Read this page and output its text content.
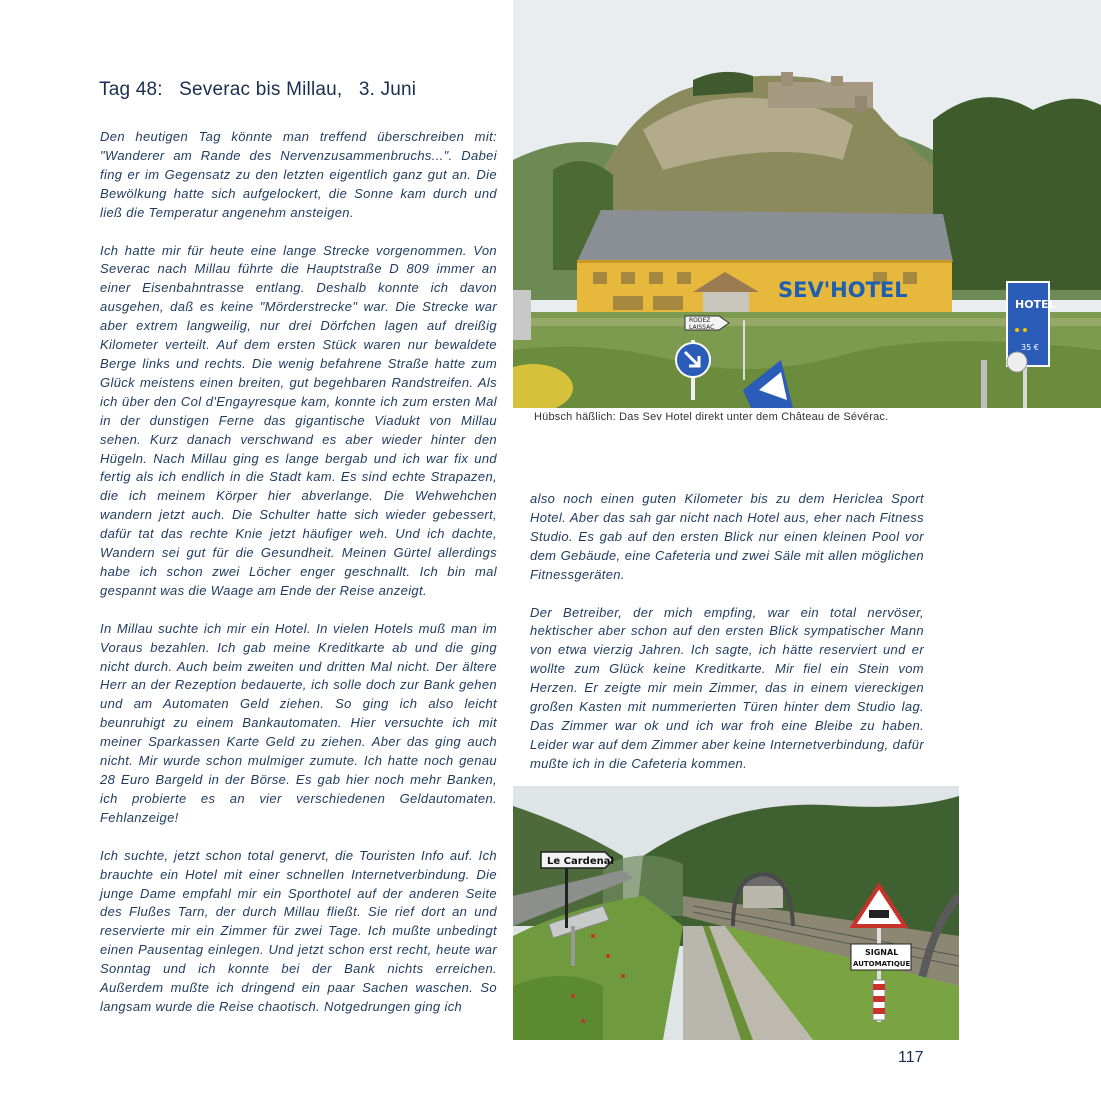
Tag 48:   Severac bis Millau,   3. Juni

Den heutigen Tag könnte man treffend überschreiben mit: "Wanderer am Rande des Nervenzusammenbruchs...". Dabei fing er im Gegensatz zu den letzten eigentlich ganz gut an. Die Bewölkung hatte sich aufgelockert, die Sonne kam durch und ließ die Temperatur angenehm ansteigen.

Ich hatte mir für heute eine lange Strecke vorgenommen. Von Severac nach Millau führte die Hauptstraße D 809 immer an einer Eisenbahntrasse entlang. Deshalb konnte ich davon ausgehen, daß es keine "Mörderstrecke" war. Die Strecke war aber extrem langweilig, nur drei Dörfchen lagen auf dreißig Kilometer verteilt. Auf dem ersten Stück waren nur bewaldete Berge links und rechts. Die wenig befahrene Straße hatte zum Glück meistens einen breiten, gut begehbaren Randstreifen. Als ich über den Col d'Engayresque kam, konnte ich zum ersten Mal in der dunstigen Ferne das gigantische Viadukt von Millau sehen. Kurz danach verschwand es aber wieder hinter den Hügeln. Nach Millau ging es lange bergab und ich war fix und fertig als ich endlich in die Stadt kam. Es sind echte Strapazen, die ich meinem Körper hier abverlange. Die Wehwehchen wandern jetzt auch. Die Schulter hatte sich wieder gebessert, dafür tat das rechte Knie jetzt häufiger weh. Und ich dachte, Wandern sei gut für die Gesundheit. Meinen Gürtel allerdings habe ich schon zwei Löcher enger geschnallt. Ich bin mal gespannt was die Waage am Ende der Reise anzeigt.

In Millau suchte ich mir ein Hotel. In vielen Hotels muß man im Voraus bezahlen. Ich gab meine Kreditkarte ab und die ging nicht durch. Auch beim zweiten und dritten Mal nicht. Der ältere Herr an der Rezeption bedauerte, ich solle doch zur Bank gehen und am Automaten Geld ziehen. So ging ich also leicht beunruhigt zu einem Bankautomaten. Hier versuchte ich mit meiner Sparkassen Karte Geld zu ziehen. Aber das ging auch nicht. Mir wurde schon mulmiger zumute. Ich hatte noch genau 28 Euro Bargeld in der Börse. Es gab hier noch mehr Banken, ich probierte es an vier verschiedenen Geldautomaten. Fehlanzeige!

Ich suchte, jetzt schon total genervt, die Touristen Info auf. Ich brauchte ein Hotel mit einer schnellen Internetverbindung. Die junge Dame empfahl mir ein Sporthotel auf der anderen Seite des Flußes Tarn, der durch Millau fließt. Sie rief dort an und reservierte mir ein Zimmer für zwei Tage. Ich mußte unbedingt einen Pausentag einlegen. Und jetzt schon erst recht, heute war Sonntag und ich konnte bei der Bank nichts erreichen. Außerdem mußte ich dringend ein paar Sachen waschen. So langsam wurde die Reise chaotisch. Notgedrungen ging ich

SEV'HOTEL
RODEZ
LAISSAC
HOTEL
35 €
Hübsch häßlich: Das Sev Hotel direkt unter dem Château de Sévérac.

also noch einen guten Kilometer bis zu dem Hericlea Sport Hotel. Aber das sah gar nicht nach Hotel aus, eher nach Fitness Studio. Es gab auf den ersten Blick nur einen kleinen Pool vor dem Gebäude, eine Cafeteria und zwei Säle mit allen möglichen Fitnessgeräten.

Der Betreiber, der mich empfing, war ein total nervöser, hektischer aber schon auf den ersten Blick sympatischer Mann von etwa vierzig Jahren. Ich sagte, ich hätte reserviert und er wollte zum Glück keine Kreditkarte. Mir fiel ein Stein vom Herzen. Er zeigte mir mein Zimmer, das in einem viereckigen großen Kasten mit nummerierten Türen hinter dem Studio lag. Das Zimmer war ok und ich war froh eine Bleibe zu haben. Leider war auf dem Zimmer aber keine Internetverbindung, dafür mußte ich in die Cafeteria kommen.

Le Cardenal
SIGNAL
AUTOMATIQUE
117
